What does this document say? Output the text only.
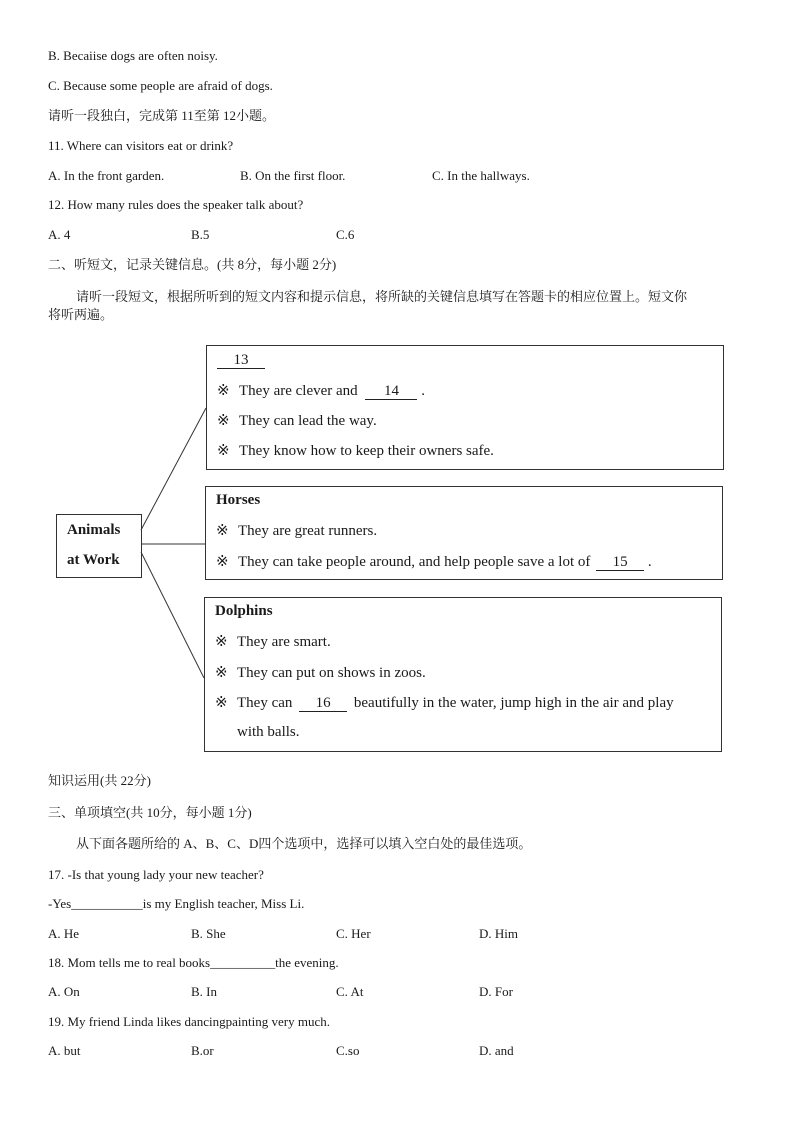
B. Becaiise dogs are often noisy.
C. Because some people are afraid of dogs.
请听一段独白，完成第 11至第 12小题。
11. Where can visitors eat or drink?
A. In the front garden.	B. On the first floor.	C. In the hallways.
12. How many rules does the speaker talk about?
A. 4	B.5	C.6
二、听短文，记录关键信息。(共 8分，每小题 2分)
请听一段短文，根据所听到的短文内容和提示信息，将所缺的关键信息填写在答题卡的相应位置上。短文你
将听两遍。
Animals
at Work
13
※ They are clever and 14 .
※ They can lead the way.
※ They know how to keep their owners safe.
Horses
※ They are great runners.
※ They can take people around, and help people save a lot of 15 .
Dolphins
※ They are smart.
※ They can put on shows in zoos.
※ They can 16 beautifully in the water, jump high in the air and play
with balls.
知识运用(共 22分)
三、单项填空(共 10分，每小题 1分)
从下面各题所给的 A、B、C、D四个选项中，选择可以填入空白处的最佳选项。
17. -Is that young lady your new teacher?
-Yes___________is my English teacher, Miss Li.
A. He	B. She	C. Her	D. Him
18. Mom tells me to real books__________the evening.
A. On	B. In	C. At	D. For
19. My friend Linda likes dancingpainting very much.
A. but	B.or	C.so	D. and
